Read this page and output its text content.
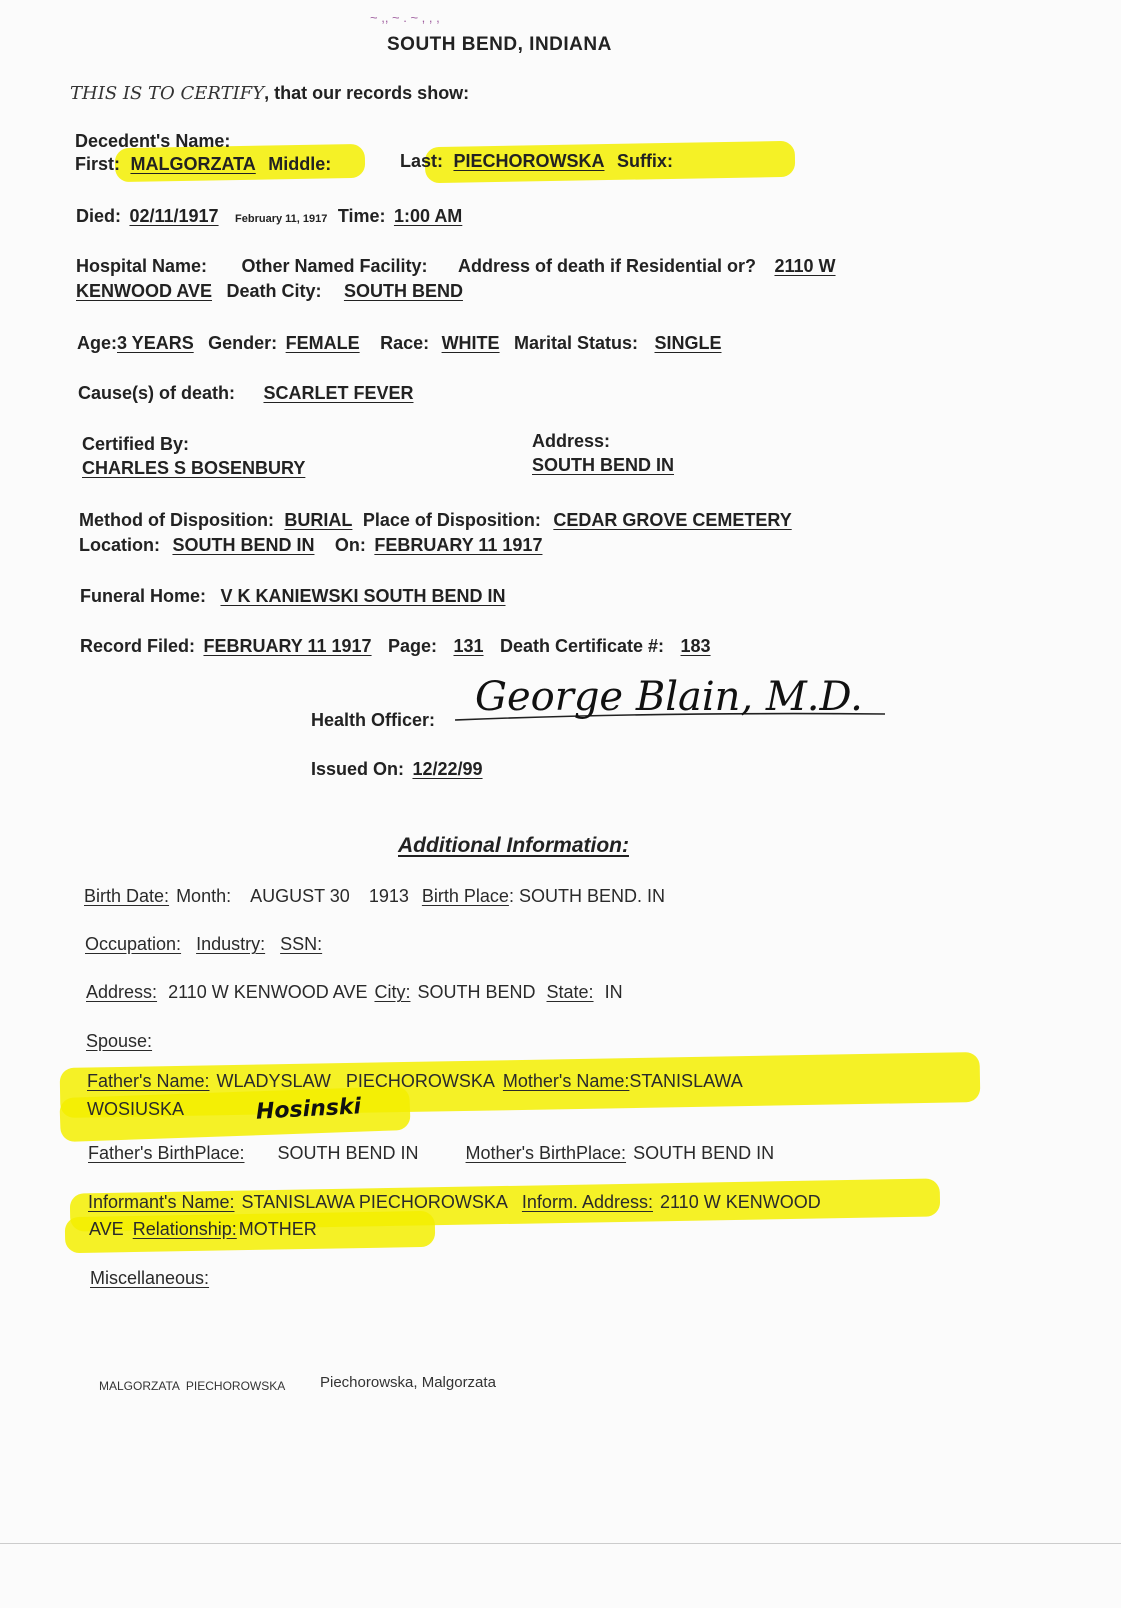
~ ,, ~ . ~ , , ,
SOUTH BEND, INDIANA
THIS IS TO CERTIFY, that our records show:
Decedent's Name:
First: MALGORZATA Middle:	Last: PIECHOROWSKA Suffix:
Died: 02/11/1917 February 11, 1917 Time: 1:00 AM
Hospital Name: Other Named Facility: Address of death if Residential or? 2110 W
KENWOOD AVE Death City: SOUTH BEND
Age:3 YEARS Gender: FEMALE Race: WHITE Marital Status: SINGLE
Cause(s) of death: SCARLET FEVER
Certified By:
CHARLES S BOSENBURY
Address:
SOUTH BEND IN
Method of Disposition: BURIAL Place of Disposition: CEDAR GROVE CEMETERY
Location: SOUTH BEND IN On: FEBRUARY 11 1917
Funeral Home: V K KANIEWSKI SOUTH BEND IN
Record Filed: FEBRUARY 11 1917 Page: 131 Death Certificate #: 183
Health Officer: George Blain, M.D.
Issued On: 12/22/99
Additional Information:
Birth Date: Month: AUGUST 30 1913 Birth Place: SOUTH BEND. IN
Occupation: Industry: SSN:
Address: 2110 W KENWOOD AVE City: SOUTH BEND State: IN
Spouse:
Father's Name: WLADYSLAW   PIECHOROWSKA Mother's Name:STANISLAWA
WOSIUSKA	Hosinski
Father's BirthPlace: SOUTH BEND IN	Mother's BirthPlace: SOUTH BEND IN
Informant's Name: STANISLAWA PIECHOROWSKA Inform. Address: 2110 W KENWOOD
AVE Relationship: MOTHER
Miscellaneous:
MALGORZATA  PIECHOROWSKA Piechorowska, Malgorzata
